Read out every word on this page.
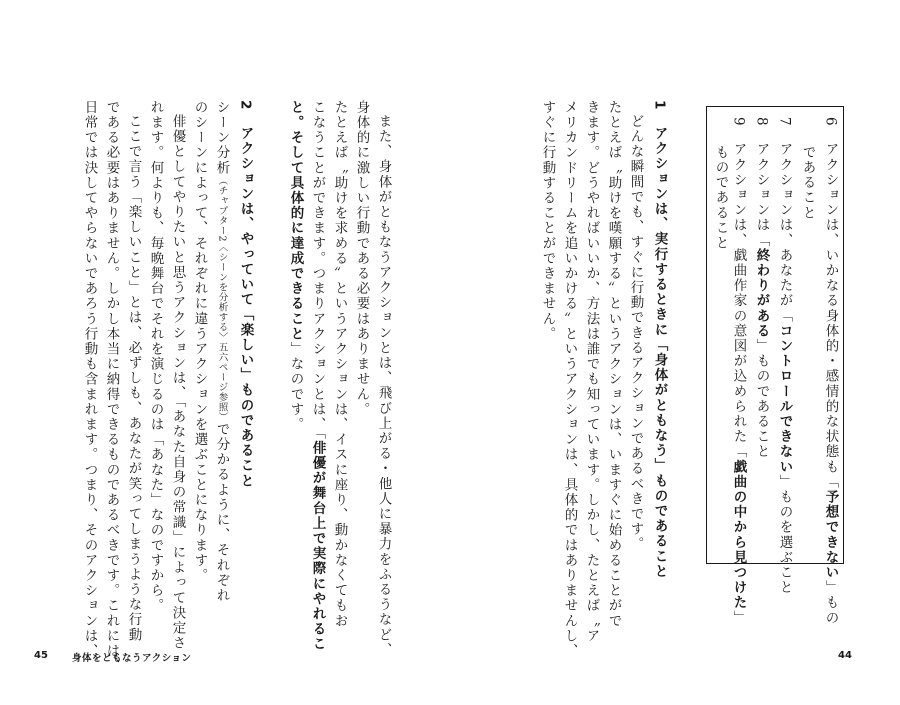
6　アクションは、いかなる身体的・感情的な状態も「予想できない」もの
であること
7　アクションは、あなたが「コントロールできない」ものを選ぶこと
8　アクションは「終わりがある」ものであること
9　アクションは、戯曲作家の意図が込められた「戯曲の中から見つけた」
ものであること
1　アクションは、実行するときに「身体がともなう」ものであること
どんな瞬間でも、すぐに行動できるアクションであるべきです。
たとえば〝助けを嘆願する〟というアクションは、いますぐに始めることがで
きます。どうやればいいか、方法は誰でも知っています。しかし、たとえば〝ア
メリカンドリームを追いかける〟というアクションは、具体的ではありませんし、
すぐに行動することができません。
44
また、身体がともなうアクションとは、飛び上がる・他人に暴力をふるうなど、
身体的に激しい行動である必要はありません。
たとえば〝助けを求める〟というアクションは、イスに座り、動かなくてもお
こなうことができます。つまりアクションとは、「俳優が舞台上で実際にやれるこ
と。そして具体的に達成できること」なのです。
2　アクションは、やっていて「楽しい」ものであること
シーン分析（チャプター2〈シーンを分析する〉五六ページ参照）で分かるように、それぞれ
のシーンによって、それぞれに違うアクションを選ぶことになります。
俳優としてやりたいと思うアクションは、「あなた自身の常識」によって決定さ
れます。何よりも、毎晩舞台でそれを演じるのは「あなた」なのですから。
ここで言う「楽しいこと」とは、必ずしも、あなたが笑ってしまうような行動
である必要はありません。しかし本当に納得できるものであるべきです。これには、
日常では決してやらないであろう行動も含まれます。つまり、そのアクションは、
45	身体をともなうアクション
